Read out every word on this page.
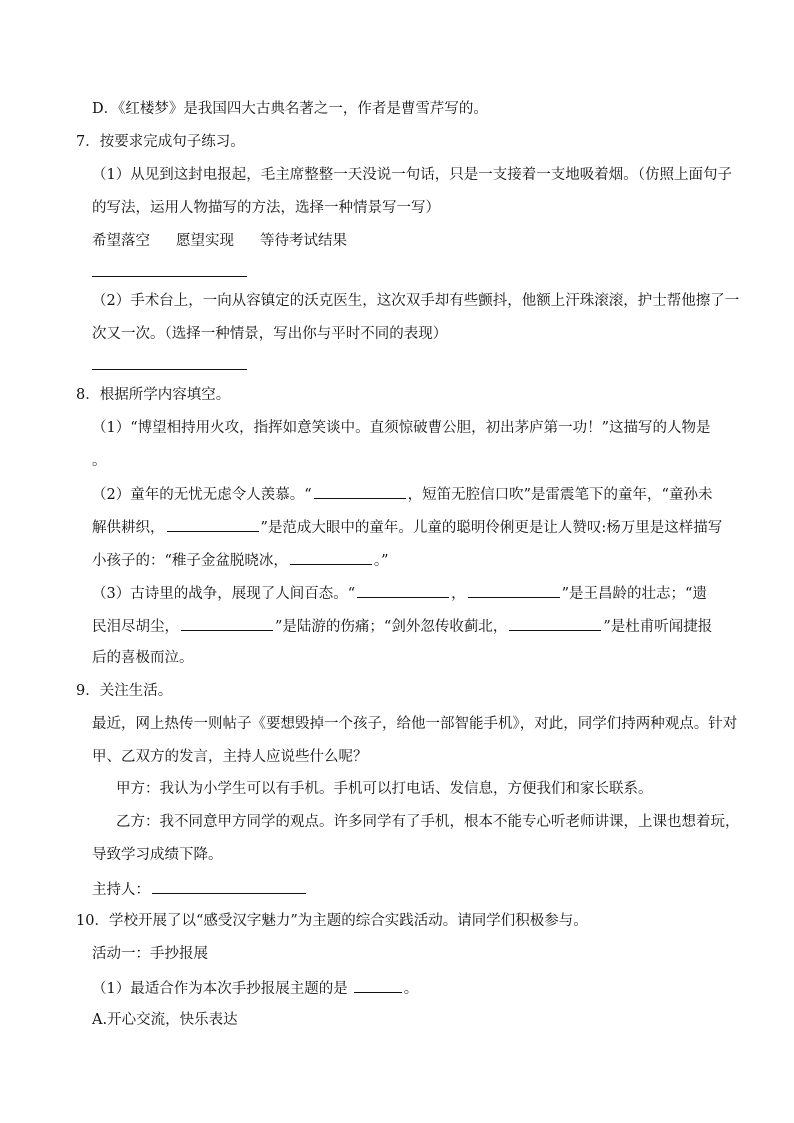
D．《红楼梦》是我国四大古典名著之一，作者是曹雪芹写的。
7．按要求完成句子练习。
（1）从见到这封电报起，毛主席整整一天没说一句话，只是一支接着一支地吸着烟。（仿照上面句子
的写法，运用人物描写的方法，选择一种情景写一写）
希望落空 愿望实现 等待考试结果
（2）手术台上，一向从容镇定的沃克医生，这次双手却有些颤抖，他额上汗珠滚滚，护士帮他擦了一
次又一次。（选择一种情景，写出你与平时不同的表现）
8．根据所学内容填空。
（1）“博望相持用火攻，指挥如意笑谈中。直须惊破曹公胆，初出茅庐第一功！”这描写的人物是
。
（2）童年的无忧无虑令人羡慕。“	，短笛无腔信口吹”是雷震笔下的童年，“童孙未
解供耕织，	”是范成大眼中的童年。儿童的聪明伶俐更是让人赞叹:杨万里是这样描写
小孩子的：“稚子金盆脱晓冰，	。”
（3）古诗里的战争，展现了人间百态。“	，	”是王昌龄的壮志；“遗
民泪尽胡尘，	”是陆游的伤痛；“剑外忽传收蓟北，	”是杜甫听闻捷报
后的喜极而泣。
9．关注生活。
最近，网上热传一则帖子《要想毁掉一个孩子，给他一部智能手机》，对此，同学们持两种观点。针对
甲、乙双方的发言，主持人应说些什么呢？
甲方：我认为小学生可以有手机。手机可以打电话、发信息，方便我们和家长联系。
乙方：我不同意甲方同学的观点。许多同学有了手机，根本不能专心听老师讲课，上课也想着玩，
导致学习成绩下降。
主持人：
10．学校开展了以“感受汉字魅力”为主题的综合实践活动。请同学们积极参与。
活动一：手抄报展
（1）最适合作为本次手抄报展主题的是	。
A.开心交流，快乐表达
